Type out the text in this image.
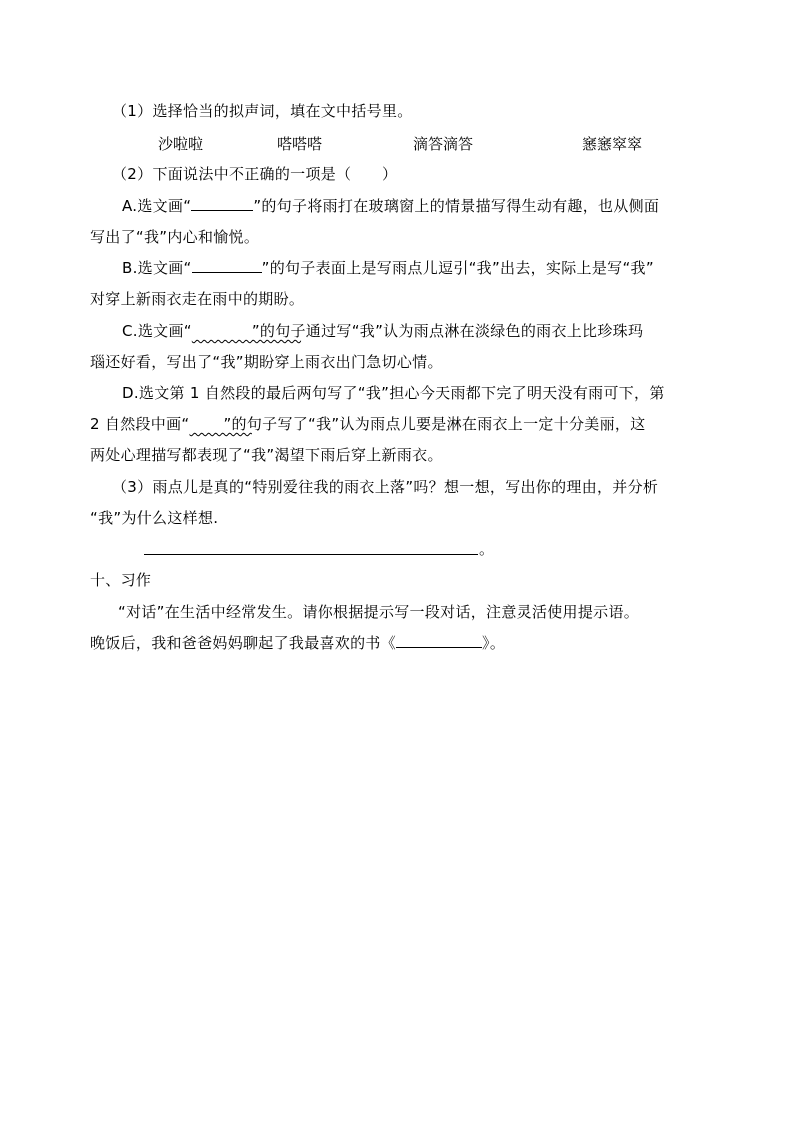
（1）选择恰当的拟声词，填在文中括号里。
沙啦啦	嗒嗒嗒	滴答滴答	窸窸窣窣
（2）下面说法中不正确的一项是（　　）
A.选文画“	”的句子将雨打在玻璃窗上的情景描写得生动有趣，也从侧面
写出了“我”内心和愉悦。
B.选文画“	”的句子表面上是写雨点儿逗引“我”出去，实际上是写“我”
对穿上新雨衣走在雨中的期盼。
C.选文画“	”的句子通过写“我”认为雨点淋在淡绿色的雨衣上比珍珠玛
瑙还好看，写出了“我”期盼穿上雨衣出门急切心情。
D.选文第 1 自然段的最后两句写了“我”担心今天雨都下完了明天没有雨可下，第
2 自然段中画“ ”的句子写了“我”认为雨点儿要是淋在雨衣上一定十分美丽，这
两处心理描写都表现了“我”渴望下雨后穿上新雨衣。
（3）雨点儿是真的“特别爱往我的雨衣上落”吗？想一想，写出你的理由，并分析
“我”为什么这样想.
。
十、习作
“对话”在生活中经常发生。请你根据提示写一段对话，注意灵活使用提示语。
晚饭后，我和爸爸妈妈聊起了我最喜欢的书《	》。
